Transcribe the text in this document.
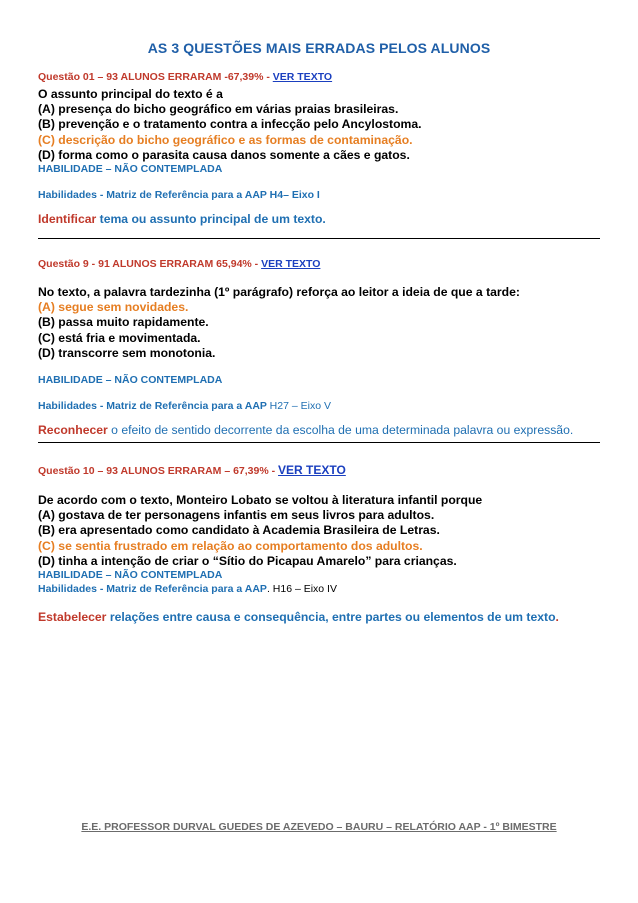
AS 3 QUESTÕES MAIS ERRADAS PELOS ALUNOS
Questão 01 – 93 ALUNOS ERRARAM -67,39% - VER TEXTO
O assunto principal do texto é a
(A) presença do bicho geográfico em várias praias brasileiras.
(B) prevenção e o tratamento contra a infecção pelo Ancylostoma.
(C) descrição do bicho geográfico e as formas de contaminação.
(D) forma como o parasita causa danos somente a cães e gatos.
HABILIDADE – NÃO CONTEMPLADA
Habilidades - Matriz de Referência para a AAP H4– Eixo I
Identificar tema ou assunto principal de um texto.
Questão 9 - 91 ALUNOS ERRARAM 65,94% - VER TEXTO
No texto, a palavra tardezinha (1º parágrafo) reforça ao leitor a ideia de que a tarde:
(A) segue sem novidades.
(B) passa muito rapidamente.
(C) está fria e movimentada.
(D) transcorre sem monotonia.
HABILIDADE – NÃO CONTEMPLADA
Habilidades - Matriz de Referência para a AAP H27 – Eixo V
Reconhecer o efeito de sentido decorrente da escolha de uma determinada palavra ou expressão.
Questão 10 – 93 ALUNOS ERRARAM – 67,39% - VER TEXTO
De acordo com o texto, Monteiro Lobato se voltou à literatura infantil porque
(A) gostava de ter personagens infantis em seus livros para adultos.
(B) era apresentado como candidato à Academia Brasileira de Letras.
(C) se sentia frustrado em relação ao comportamento dos adultos.
(D) tinha a intenção de criar o “Sítio do Picapau Amarelo” para crianças.
HABILIDADE – NÃO CONTEMPLADA
Habilidades - Matriz de Referência para a AAP. H16 – Eixo IV
Estabelecer relações entre causa e consequência, entre partes ou elementos de um texto.
E.E. PROFESSOR DURVAL GUEDES DE AZEVEDO – BAURU – RELATÓRIO AAP - 1º BIMESTRE
